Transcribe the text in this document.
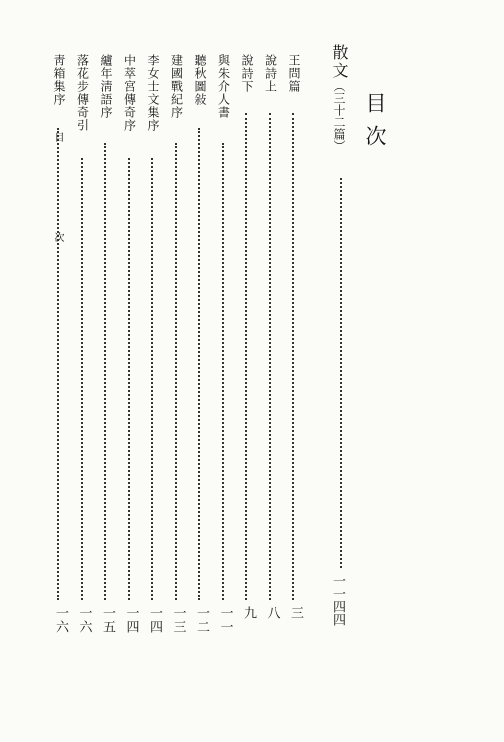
目次
散文（三十二篇）
一一四四
王問篇
三
說詩上
八
說詩下
九
與朱介人書
一一
聽秋圖敍
一二
建國戰紀序
一三
李女士文集序
一四
中萃宮傳奇序
一四
纑年淸語序
一五
落花步傳奇引
一六
靑箱集序
一六
目
次
